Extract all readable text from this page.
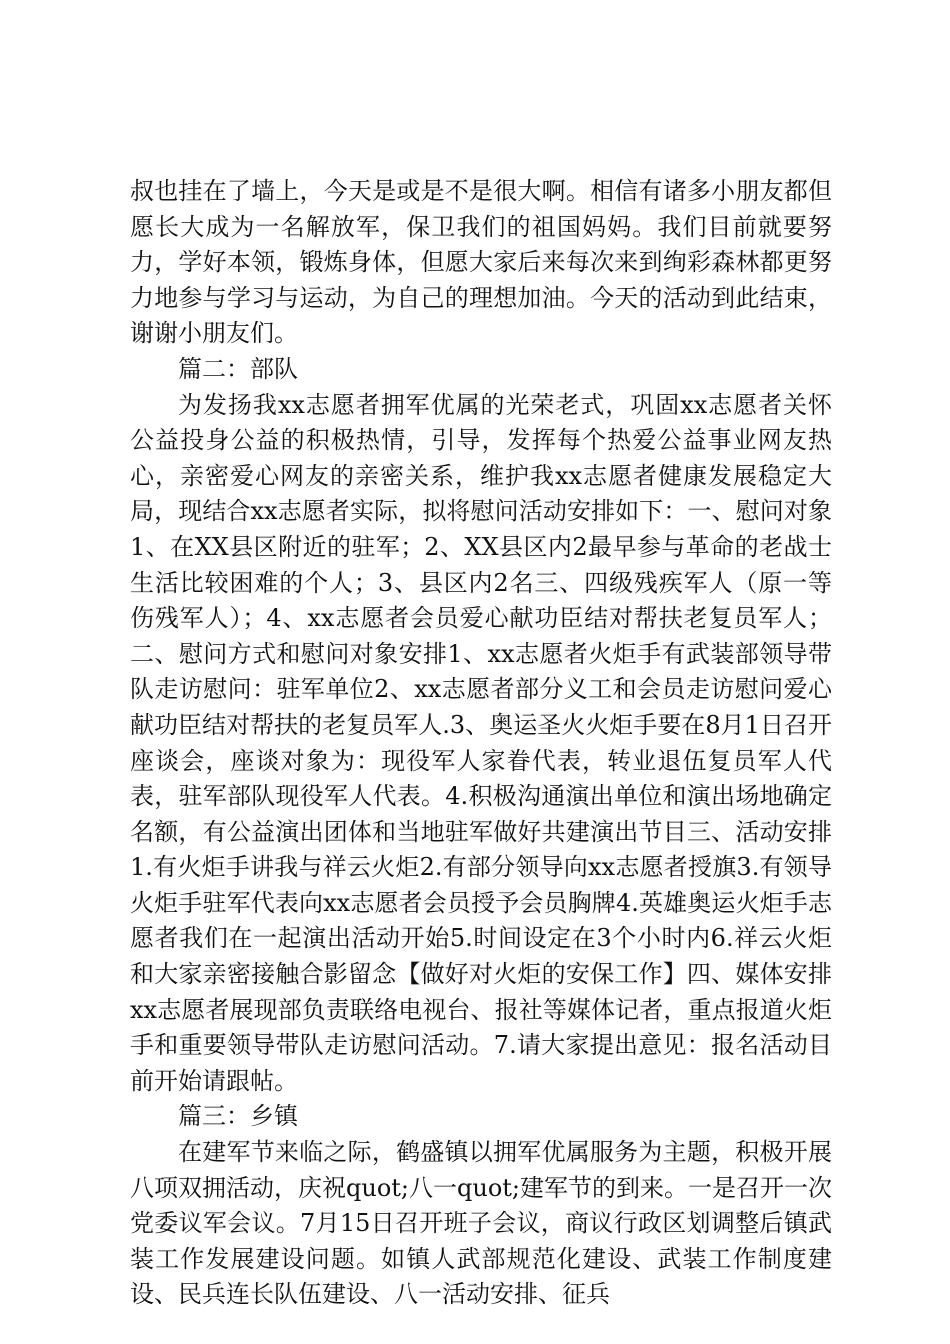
叔也挂在了墙上，今天是或是不是很大啊。相信有诸多小朋友都但愿长大成为一名解放军，保卫我们的祖国妈妈。我们目前就要努力，学好本领，锻炼身体，但愿大家后来每次来到绚彩森林都更努力地参与学习与运动，为自己的理想加油。今天的活动到此结束，谢谢小朋友们。

篇二：部队

为发扬我xx志愿者拥军优属的光荣老式，巩固xx志愿者关怀公益投身公益的积极热情，引导，发挥每个热爱公益事业网友热心，亲密爱心网友的亲密关系，维护我xx志愿者健康发展稳定大局，现结合xx志愿者实际，拟将慰问活动安排如下：一、慰问对象1、在XX县区附近的驻军；2、XX县区内2最早参与革命的老战士生活比较困难的个人；3、县区内2名三、四级残疾军人（原一等伤残军人）；4、xx志愿者会员爱心献功臣结对帮扶老复员军人；二、慰问方式和慰问对象安排1、xx志愿者火炬手有武装部领导带队走访慰问：驻军单位2、xx志愿者部分义工和会员走访慰问爱心献功臣结对帮扶的老复员军人.3、奥运圣火火炬手要在8月1日召开座谈会，座谈对象为：现役军人家眷代表，转业退伍复员军人代表，驻军部队现役军人代表。4.积极沟通演出单位和演出场地确定名额，有公益演出团体和当地驻军做好共建演出节目三、活动安排1.有火炬手讲我与祥云火炬2.有部分领导向xx志愿者授旗3.有领导火炬手驻军代表向xx志愿者会员授予会员胸牌4.英雄奥运火炬手志愿者我们在一起演出活动开始5.时间设定在3个小时内6.祥云火炬和大家亲密接触合影留念【做好对火炬的安保工作】四、媒体安排xx志愿者展现部负责联络电视台、报社等媒体记者，重点报道火炬手和重要领导带队走访慰问活动。7.请大家提出意见：报名活动目前开始请跟帖。

篇三：乡镇

在建军节来临之际，鹤盛镇以拥军优属服务为主题，积极开展八项双拥活动，庆祝quot;八一quot;建军节的到来。一是召开一次党委议军会议。7月15日召开班子会议，商议行政区划调整后镇武装工作发展建设问题。如镇人武部规范化建设、武装工作制度建设、民兵连长队伍建设、八一活动安排、征兵
